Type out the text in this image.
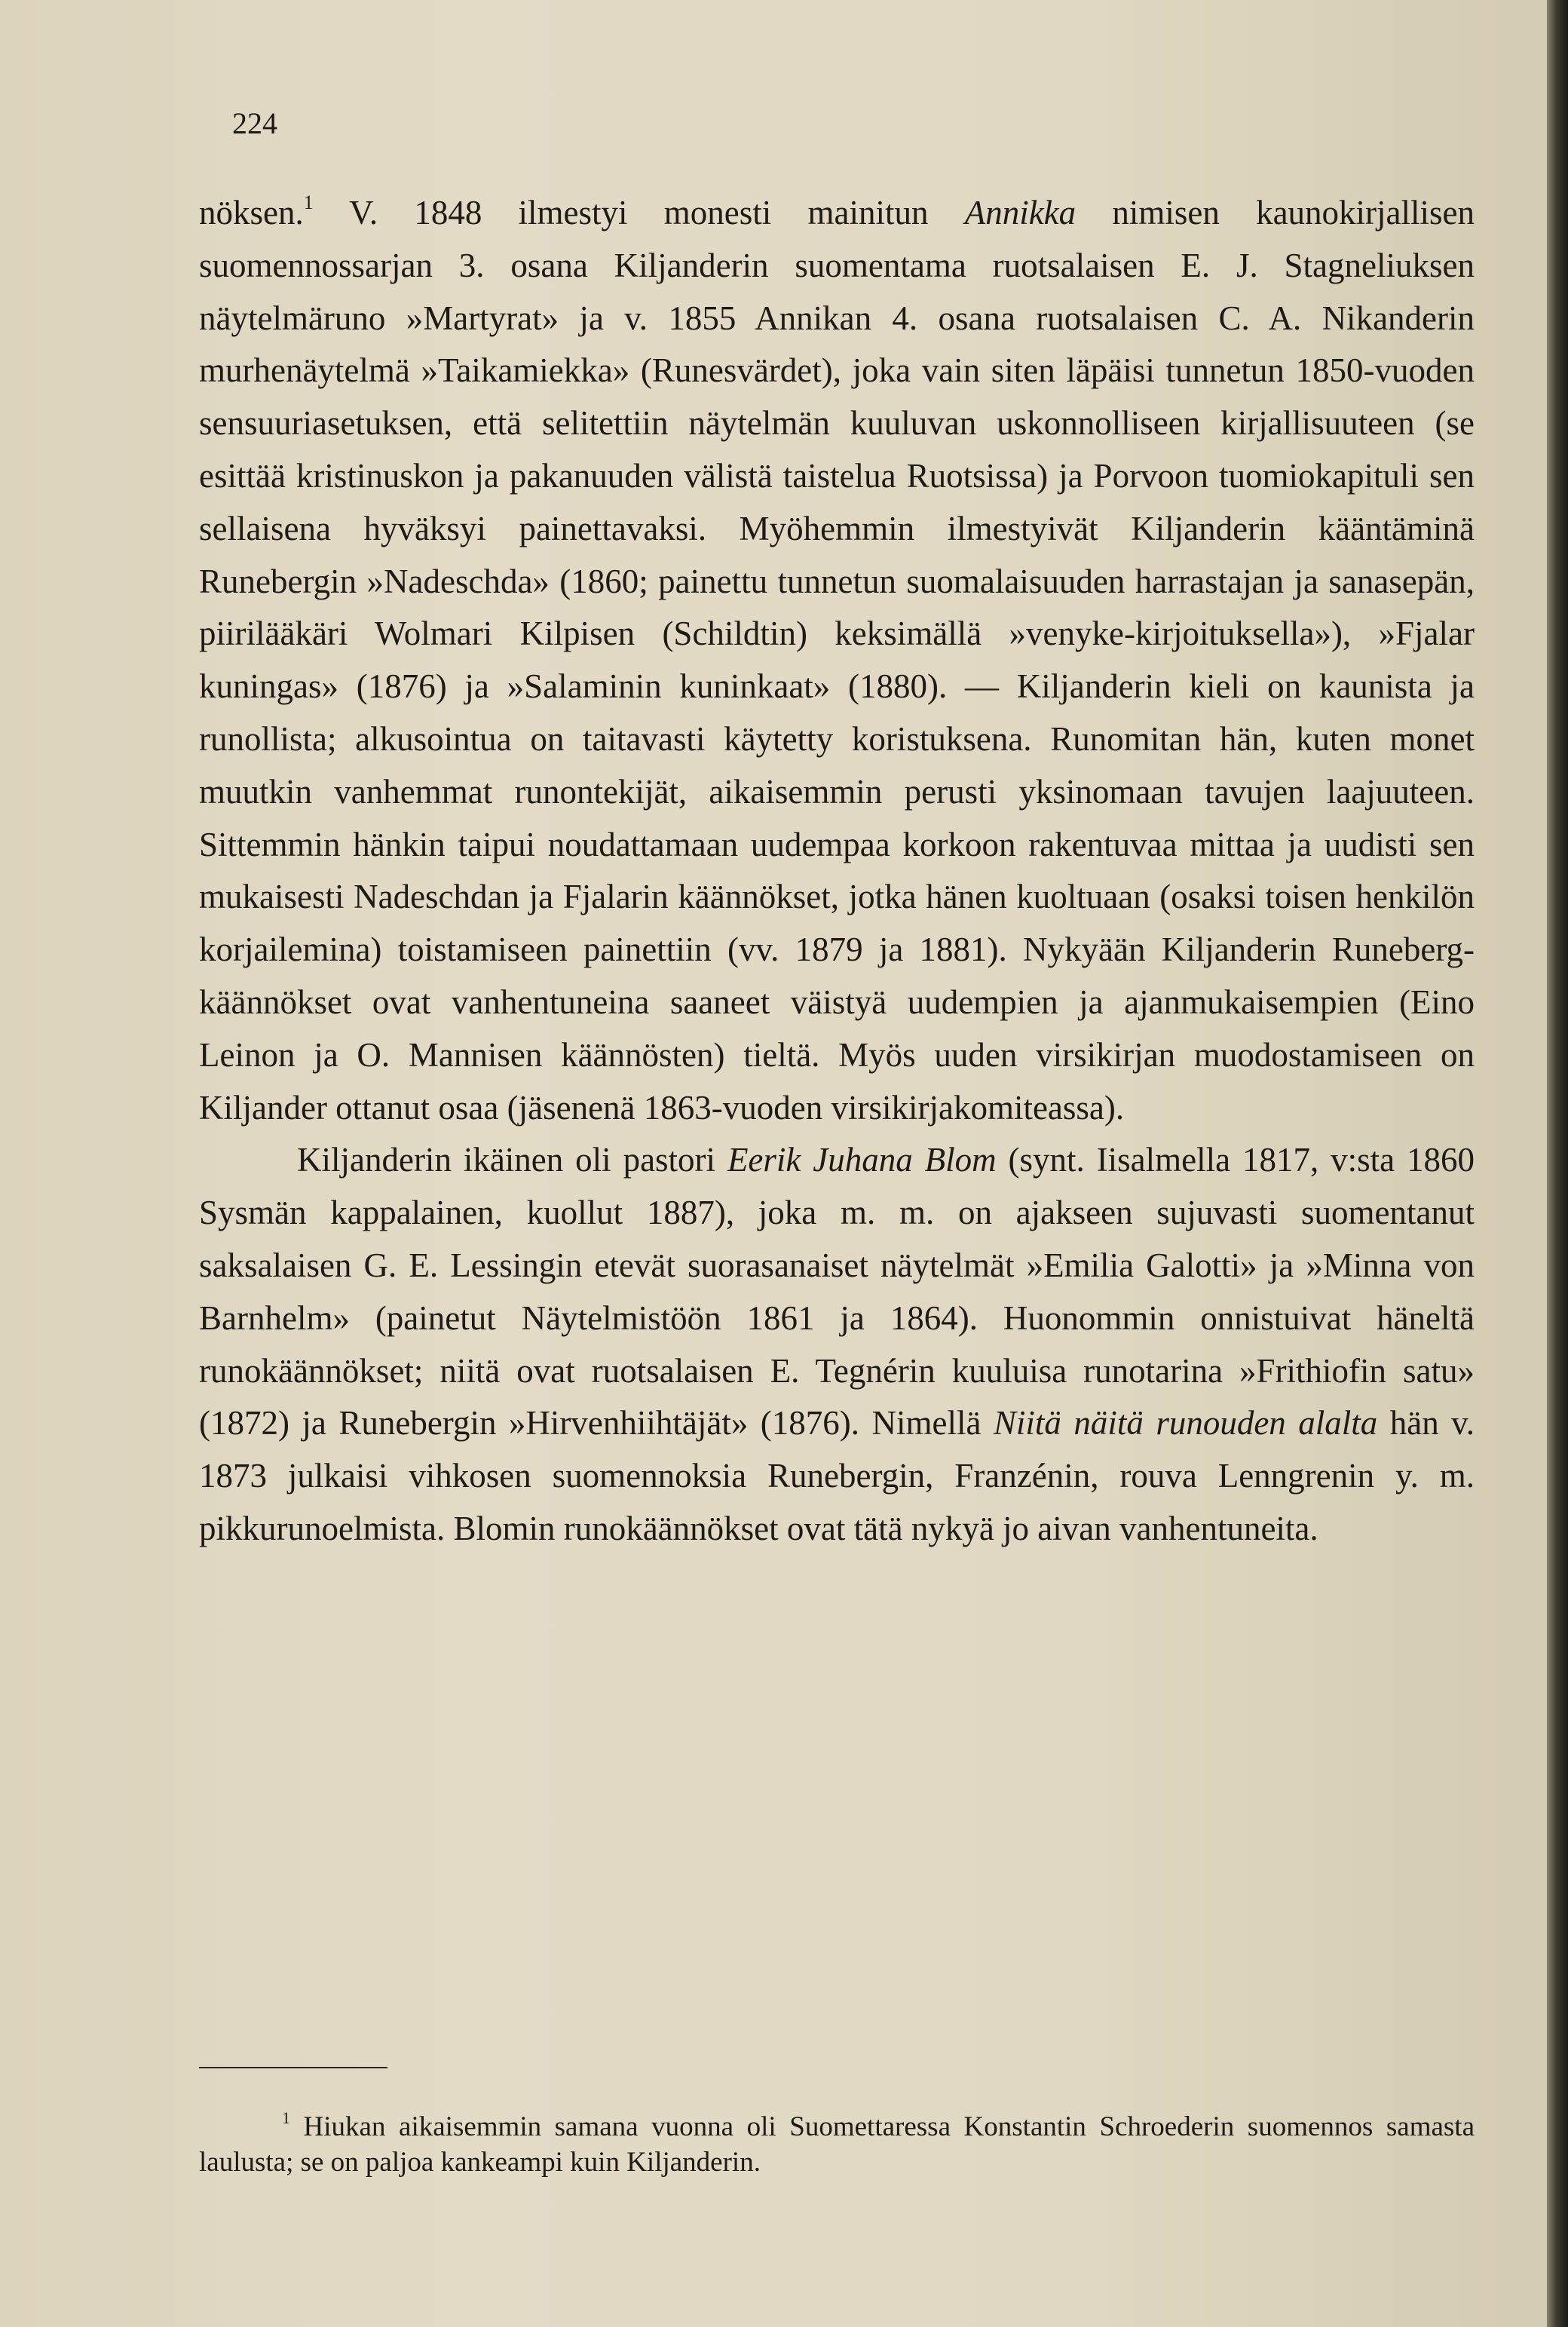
224

nöksen.$^1$ V. 1848 ilmestyi monesti mainitun Annikka nimisen kaunokirjallisen suomennossarjan 3. osana Kiljanderin suomentama ruotsalaisen E. J. Stagneliuksen näytelmäruno »Martyrat» ja v. 1855 Annikan 4. osana ruotsalaisen C. A. Nikanderin murhenäytelmä »Taikamiekka» (Runesvärdet), joka vain siten läpäisi tunnetun 1850-vuoden sensuuriasetuksen, että selitettiin näytelmän kuuluvan uskonnolliseen kirjallisuuteen (se esittää kristinuskon ja pakanuuden välistä taistelua Ruotsissa) ja Porvoon tuomiokapituli sen sellaisena hyväksyi painettavaksi. Myöhemmin ilmestyivät Kiljanderin kääntäminä Runebergin »Nadeschda» (1860; painettu tunnetun suomalaisuuden harrastajan ja sanasepän, piirilääkäri Wolmari Kilpisen (Schildtin) keksimällä »venyke-kirjoituksella»), »Fjalar kuningas» (1876) ja »Salaminin kuninkaat» (1880). — Kiljanderin kieli on kaunista ja runollista; alkusointua on taitavasti käytetty koristuksena. Runomitan hän, kuten monet muutkin vanhemmat runontekijät, aikaisemmin perusti yksinomaan tavujen laajuuteen. Sittemmin hänkin taipui noudattamaan uudempaa korkoon rakentuvaa mittaa ja uudisti sen mukaisesti Nadeschdan ja Fjalarin käännökset, jotka hänen kuoltuaan (osaksi toisen henkilön korjailemina) toistamiseen painettiin (vv. 1879 ja 1881). Nykyään Kiljanderin Runeberg-käännökset ovat vanhentuneina saaneet väistyä uudempien ja ajanmukaisempien (Eino Leinon ja O. Mannisen käännösten) tieltä. Myös uuden virsikirjan muodostamiseen on Kiljander ottanut osaa (jäsenenä 1863-vuoden virsikirjakomiteassa).

Kiljanderin ikäinen oli pastori Eerik Juhana Blom (synt. Iisalmella 1817, v:sta 1860 Sysmän kappalainen, kuollut 1887), joka m. m. on ajakseen sujuvasti suomentanut saksalaisen G. E. Lessingin etevät suorasanaiset näytelmät »Emilia Galotti» ja »Minna von Barnhelm» (painetut Näytelmistöön 1861 ja 1864). Huonommin onnistuivat häneltä runokäännökset; niitä ovat ruotsalaisen E. Tegnérin kuuluisa runotarina »Frithiofin satu» (1872) ja Runebergin »Hirvenhiihtäjät» (1876). Nimellä Niitä näitä runouden alalta hän v. 1873 julkaisi vihkosen suomennoksia Runebergin, Franzénin, rouva Lenngrenin y. m. pikkurunoelmista. Blomin runokäännökset ovat tätä nykyä jo aivan vanhentuneita.

$^1$ Hiukan aikaisemmin samana vuonna oli Suomettaressa Konstantin Schroederin suomennos samasta laulusta; se on paljoa kankeampi kuin Kiljanderin.
